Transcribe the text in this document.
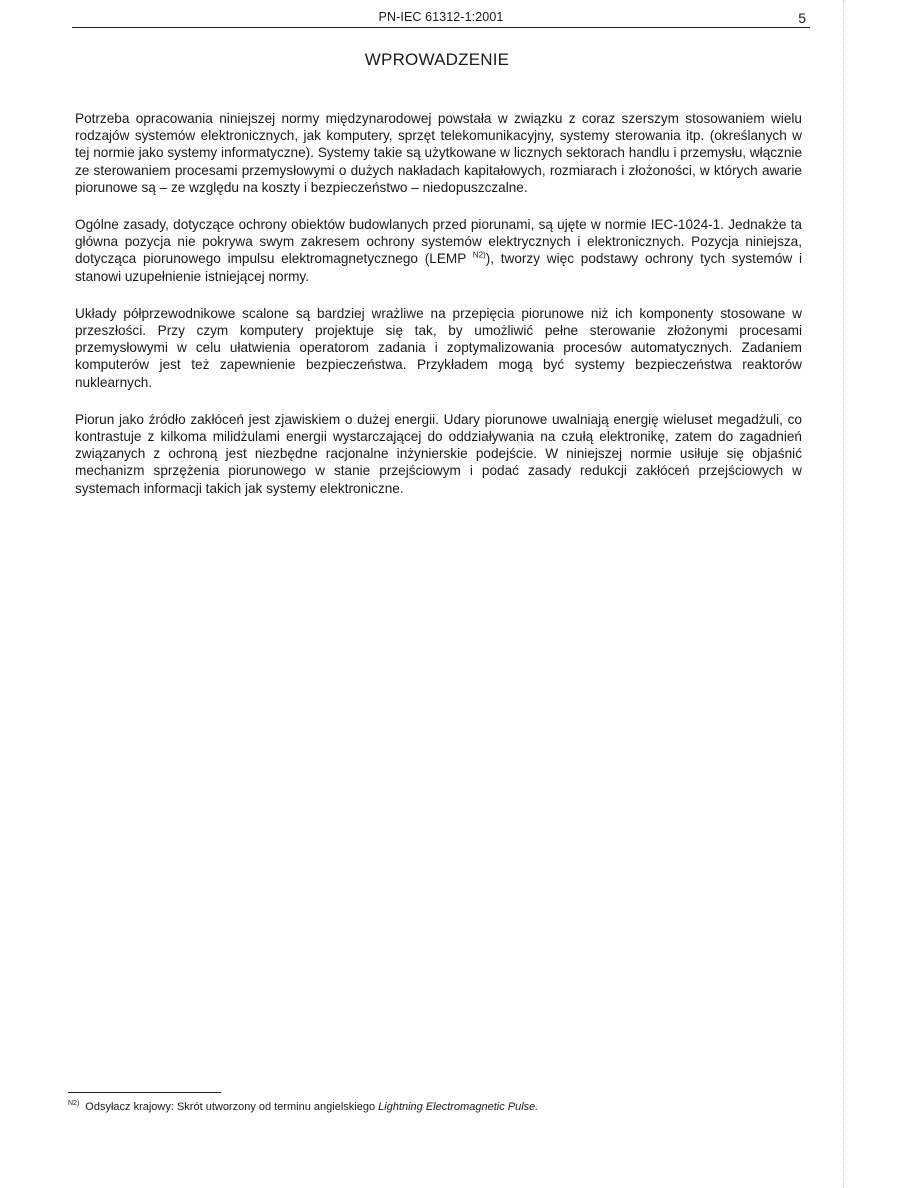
PN-IEC 61312-1:2001	5
WPROWADZENIE

Potrzeba opracowania niniejszej normy międzynarodowej powstała w związku z coraz szerszym stosowaniem wielu rodzajów systemów elektronicznych, jak komputery, sprzęt telekomunikacyjny, systemy sterowania itp. (określanych w tej normie jako systemy informatyczne). Systemy takie są użytkowane w licznych sektorach handlu i przemysłu, włącznie ze sterowaniem procesami przemysłowymi o dużych nakładach kapitałowych, rozmiarach i złożoności, w których awarie piorunowe są – ze względu na koszty i bezpieczeństwo – niedopuszczalne.

Ogólne zasady, dotyczące ochrony obiektów budowlanych przed piorunami, są ujęte w normie IEC-1024-1. Jednakże ta główna pozycja nie pokrywa swym zakresem ochrony systemów elektrycznych i elektronicznych. Pozycja niniejsza, dotycząca piorunowego impulsu elektromagnetycznego (LEMP $^{N2)}$), tworzy więc podstawy ochrony tych systemów i stanowi uzupełnienie istniejącej normy.

Układy półprzewodnikowe scalone są bardziej wrażliwe na przepięcia piorunowe niż ich komponenty stosowane w przeszłości. Przy czym komputery projektuje się tak, by umożliwić pełne sterowanie złożonymi procesami przemysłowymi w celu ułatwienia operatorom zadania i zoptymalizowania procesów automatycznych. Zadaniem komputerów jest też zapewnienie bezpieczeństwa. Przykładem mogą być systemy bezpieczeństwa reaktorów nuklearnych.

Piorun jako źródło zakłóceń jest zjawiskiem o dużej energii. Udary piorunowe uwalniają energię wieluset megadżuli, co kontrastuje z kilkoma milidżulami energii wystarczającej do oddziaływania na czułą elektronikę, zatem do zagadnień związanych z ochroną jest niezbędne racjonalne inżynierskie podejście. W niniejszej normie usiłuje się objaśnić mechanizm sprzężenia piorunowego w stanie przejściowym i podać zasady redukcji zakłóceń przejściowych w systemach informacji takich jak systemy elektroniczne.

$^{N2)}$ Odsyłacz krajowy: Skrót utworzony od terminu angielskiego Lightning Electromagnetic Pulse.
